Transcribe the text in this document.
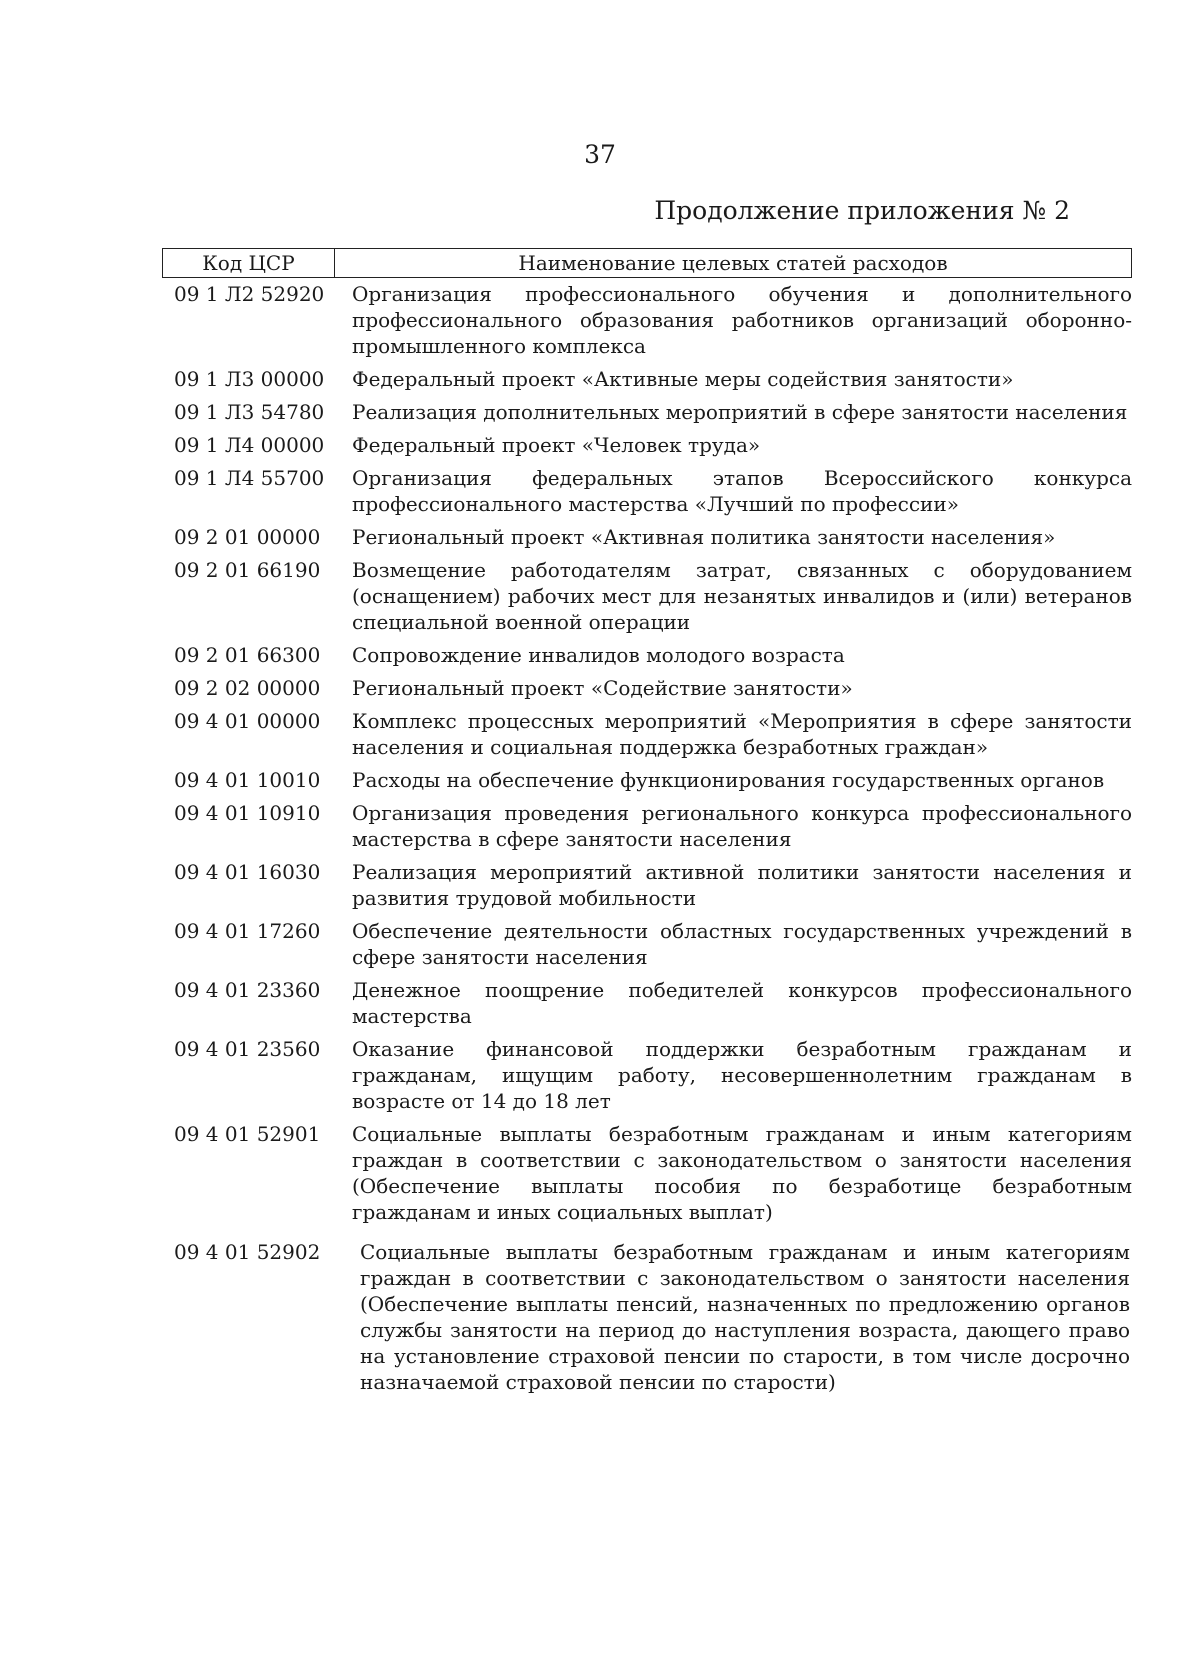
37
Продолжение приложения № 2
Код ЦСР	Наименование целевых статей расходов
09 1 Л2 52920	Организация профессионального обучения и дополнительного профессионального образования работников организаций оборонно-промышленного комплекса
09 1 Л3 00000	Федеральный проект «Активные меры содействия занятости»
09 1 Л3 54780	Реализация дополнительных мероприятий в сфере занятости населения
09 1 Л4 00000	Федеральный проект «Человек труда»
09 1 Л4 55700	Организация федеральных этапов Всероссийского конкурса профессионального мастерства «Лучший по профессии»
09 2 01 00000	Региональный проект «Активная политика занятости населения»
09 2 01 66190	Возмещение работодателям затрат, связанных с оборудованием (оснащением) рабочих мест для незанятых инвалидов и (или) ветеранов специальной военной операции
09 2 01 66300	Сопровождение инвалидов молодого возраста
09 2 02 00000	Региональный проект «Содействие занятости»
09 4 01 00000	Комплекс процессных мероприятий «Мероприятия в сфере занятости населения и социальная поддержка безработных граждан»
09 4 01 10010	Расходы на обеспечение функционирования государственных органов
09 4 01 10910	Организация проведения регионального конкурса профессионального мастерства в сфере занятости населения
09 4 01 16030	Реализация мероприятий активной политики занятости населения и развития трудовой мобильности
09 4 01 17260	Обеспечение деятельности областных государственных учреждений в сфере занятости населения
09 4 01 23360	Денежное поощрение победителей конкурсов профессионального мастерства
09 4 01 23560	Оказание финансовой поддержки безработным гражданам и гражданам, ищущим работу, несовершеннолетним гражданам в возрасте от 14 до 18 лет
09 4 01 52901	Социальные выплаты безработным гражданам и иным категориям граждан в соответствии с законодательством о занятости населения (Обеспечение выплаты пособия по безработице безработным гражданам и иных социальных выплат)
09 4 01 52902	Социальные выплаты безработным гражданам и иным категориям граждан в соответствии с законодательством о занятости населения (Обеспечение выплаты пенсий, назначенных по предложению органов службы занятости на период до наступления возраста, дающего право на установление страховой пенсии по старости, в том числе досрочно назначаемой страховой пенсии по старости)
